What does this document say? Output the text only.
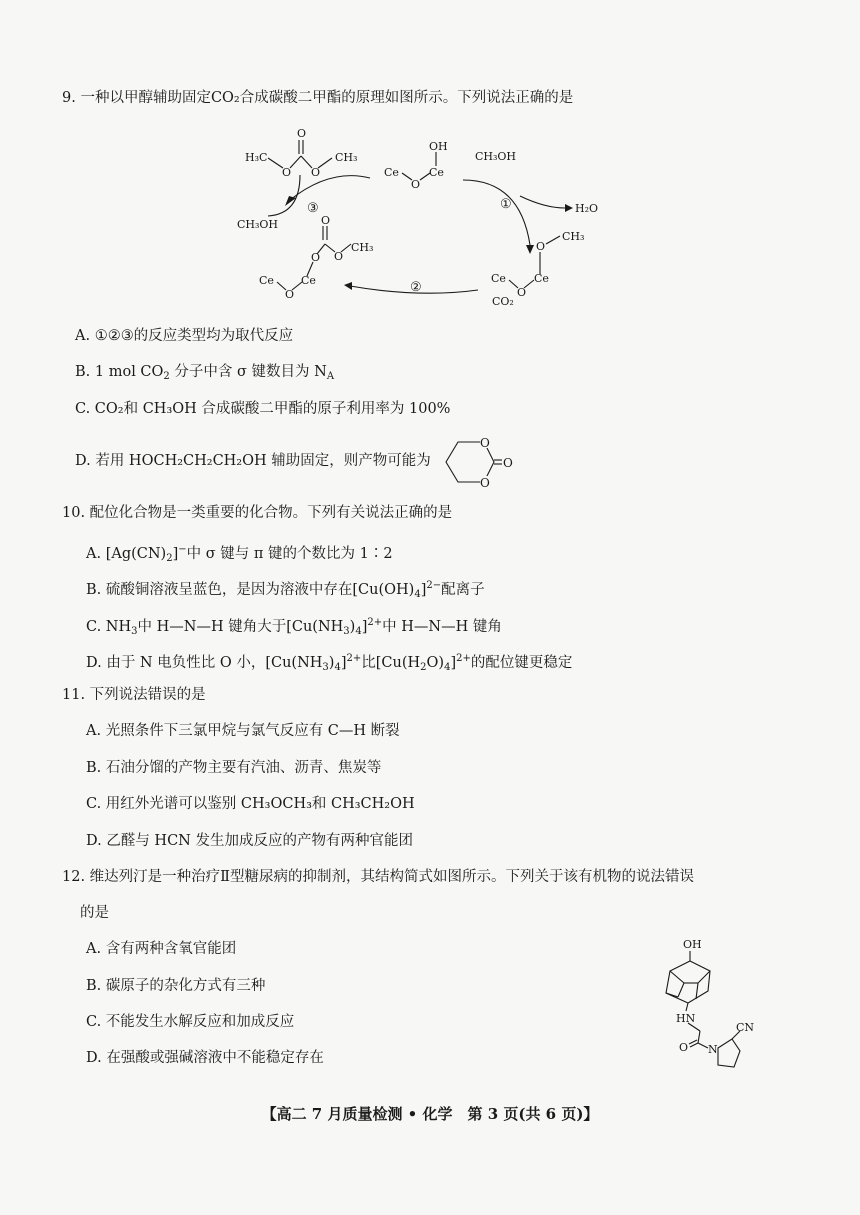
9. 一种以甲醇辅助固定CO₂合成碳酸二甲酯的原理如图所示。下列说法正确的是
H₃C
O
O O
CH₃
OH
Ce
O
Ce
CH₃OH
①	H₂O
CH₃OH
③
O
O O
CH₃
Ce
O
Ce	②
O
CH₃
Ce
O
Ce
CO₂
A. ①②③的反应类型均为取代反应
B. 1 mol $CO_2$ 分子中含 σ 键数目为 $N_A$
C. CO₂和 CH₃OH 合成碳酸二甲酯的原子利用率为 100%
D. 若用 HOCH₂CH₂CH₂OH 辅助固定，则产物可能为
O
O
O
10. 配位化合物是一类重要的化合物。下列有关说法正确的是
A. $[Ag(CN)_2]^-$中 σ 键与 π 键的个数比为 1∶2
B. 硫酸铜溶液呈蓝色，是因为溶液中存在$[Cu(OH)_4]^{2-}$配离子
C. $NH_3$中 H—N—H 键角大于$[Cu(NH_3)_4]^{2+}$中 H—N—H 键角
D. 由于 N 电负性比 O 小，$[Cu(NH_3)_4]^{2+}$比$[Cu(H_2O)_4]^{2+}$的配位键更稳定
11. 下列说法错误的是
A. 光照条件下三氯甲烷与氯气反应有 C—H 断裂
B. 石油分馏的产物主要有汽油、沥青、焦炭等
C. 用红外光谱可以鉴别 CH₃OCH₃和 CH₃CH₂OH
D. 乙醛与 HCN 发生加成反应的产物有两种官能团
12. 维达列汀是一种治疗Ⅱ型糖尿病的抑制剂，其结构简式如图所示。下列关于该有机物的说法错误
的是
A. 含有两种含氧官能团
B. 碳原子的杂化方式有三种
C. 不能发生水解反应和加成反应
D. 在强酸或强碱溶液中不能稳定存在
OH
HN
CN
O N
【高二 7 月质量检测 • 化学　第 3 页(共 6 页)】
